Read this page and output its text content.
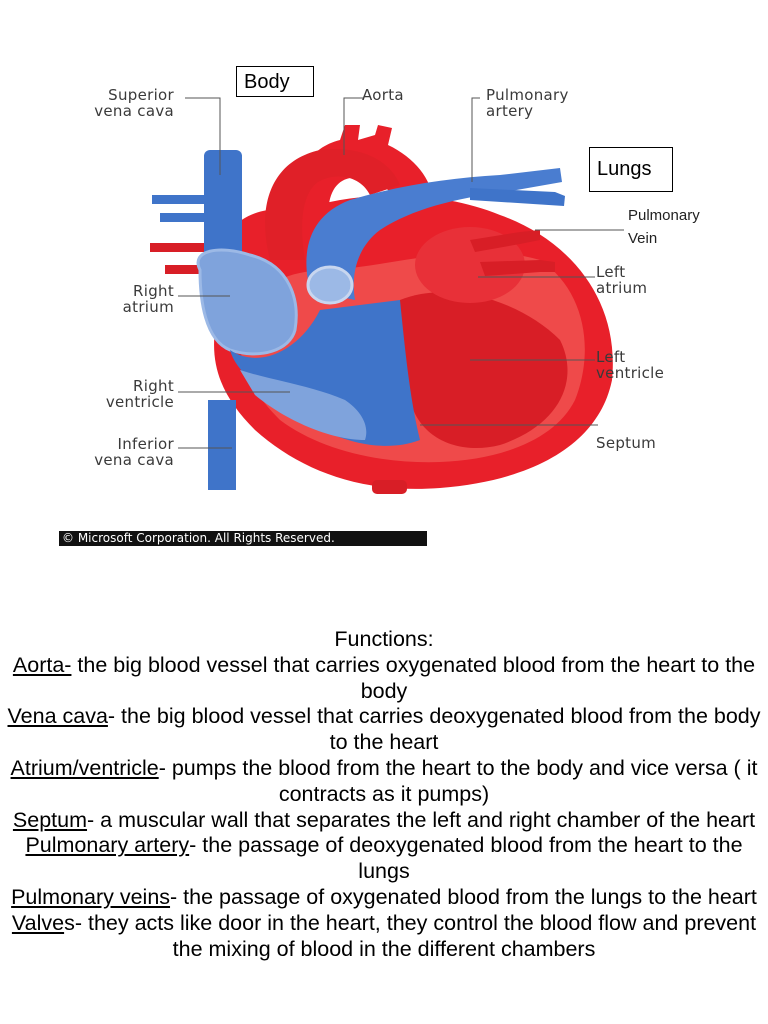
Superior
vena cava
Aorta	Pulmonary
artery
Right
atrium
Left
atrium
Left
ventricle
Right
ventricle
Inferior
vena cava
Septum
Body
Lungs
Pulmonary
Vein
© Microsoft Corporation. All Rights Reserved.

Functions:

Aorta- the big blood vessel that carries oxygenated blood from the heart to the body

Vena cava- the big blood vessel that carries deoxygenated blood from the body to the heart

Atrium/ventricle- pumps the blood from the heart to the body and vice versa ( it contracts as it pumps)

Septum- a muscular wall that separates the left and right chamber of the heart

Pulmonary artery- the passage of deoxygenated blood from the heart to the lungs

Pulmonary veins- the passage of oxygenated blood from the lungs to the heart

Valves- they acts like door in the heart, they control the blood flow and prevent the mixing of blood in the different chambers
